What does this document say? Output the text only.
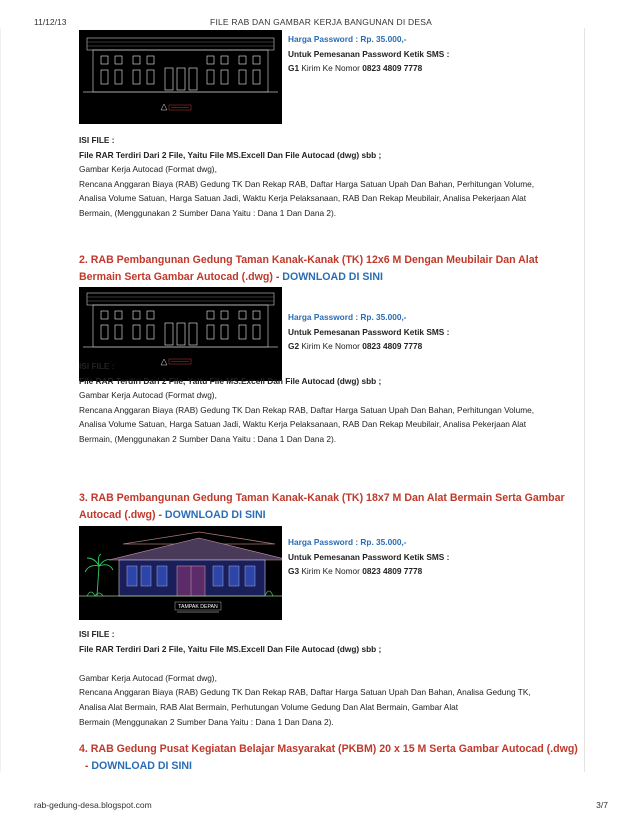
11/12/13	FILE RAB DAN GAMBAR KERJA BANGUNAN DI DESA
Harga Password : Rp. 35.000,-
Untuk Pemesanan Password Ketik SMS :
G1 Kirim Ke Nomor 0823 4809 7778
ISI FILE :
File RAR Terdiri Dari 2 File, Yaitu File MS.Excell Dan File Autocad (dwg) sbb ;
Gambar Kerja Autocad (Format dwg),
Rencana Anggaran Biaya (RAB) Gedung TK Dan Rekap RAB, Daftar Harga Satuan Upah Dan Bahan, Perhitungan Volume,
Analisa Volume Satuan, Harga Satuan Jadi, Waktu Kerja Pelaksanaan, RAB Dan Rekap Meubilair, Analisa Pekerjaan Alat
Bermain, (Menggunakan 2 Sumber Dana Yaitu : Dana 1 Dan Dana 2).
2. RAB Pembangunan Gedung Taman Kanak-Kanak (TK) 12x6 M Dengan Meubilair Dan Alat Bermain Serta Gambar Autocad (.dwg) - DOWNLOAD DI SINI
Harga Password : Rp. 35.000,-
Untuk Pemesanan Password Ketik SMS :
G2 Kirim Ke Nomor 0823 4809 7778
ISI FILE :
File RAR Terdiri Dari 2 File, Yaitu File MS.Excell Dan File Autocad (dwg) sbb ;
Gambar Kerja Autocad (Format dwg),
Rencana Anggaran Biaya (RAB) Gedung TK Dan Rekap RAB, Daftar Harga Satuan Upah Dan Bahan, Perhitungan Volume,
Analisa Volume Satuan, Harga Satuan Jadi, Waktu Kerja Pelaksanaan, RAB Dan Rekap Meubilair, Analisa Pekerjaan Alat
Bermain, (Menggunakan 2 Sumber Dana Yaitu : Dana 1 Dan Dana 2).
3. RAB Pembangunan Gedung Taman Kanak-Kanak (TK) 18x7 M Dan Alat Bermain Serta Gambar Autocad (.dwg) - DOWNLOAD DI SINI
TAMPAK DEPAN
Harga Password : Rp. 35.000,-
Untuk Pemesanan Password Ketik SMS :
G3 Kirim Ke Nomor 0823 4809 7778
ISI FILE :
File RAR Terdiri Dari 2 File, Yaitu File MS.Excell Dan File Autocad (dwg) sbb ;
Gambar Kerja Autocad (Format dwg),
Rencana Anggaran Biaya (RAB) Gedung TK Dan Rekap RAB, Daftar Harga Satuan Upah Dan Bahan, Analisa Gedung TK,
Analisa Alat Bermain, RAB Alat Bermain, Perhutungan Volume Gedung Dan Alat Bermain, Gambar Alat
Bermain (Menggunakan 2 Sumber Dana Yaitu : Dana 1 Dan Dana 2).
4. RAB Gedung Pusat Kegiatan Belajar Masyarakat (PKBM) 20 x 15 M Serta Gambar Autocad (.dwg)  - DOWNLOAD DI SINI
rab-gedung-desa.blogspot.com	3/7
